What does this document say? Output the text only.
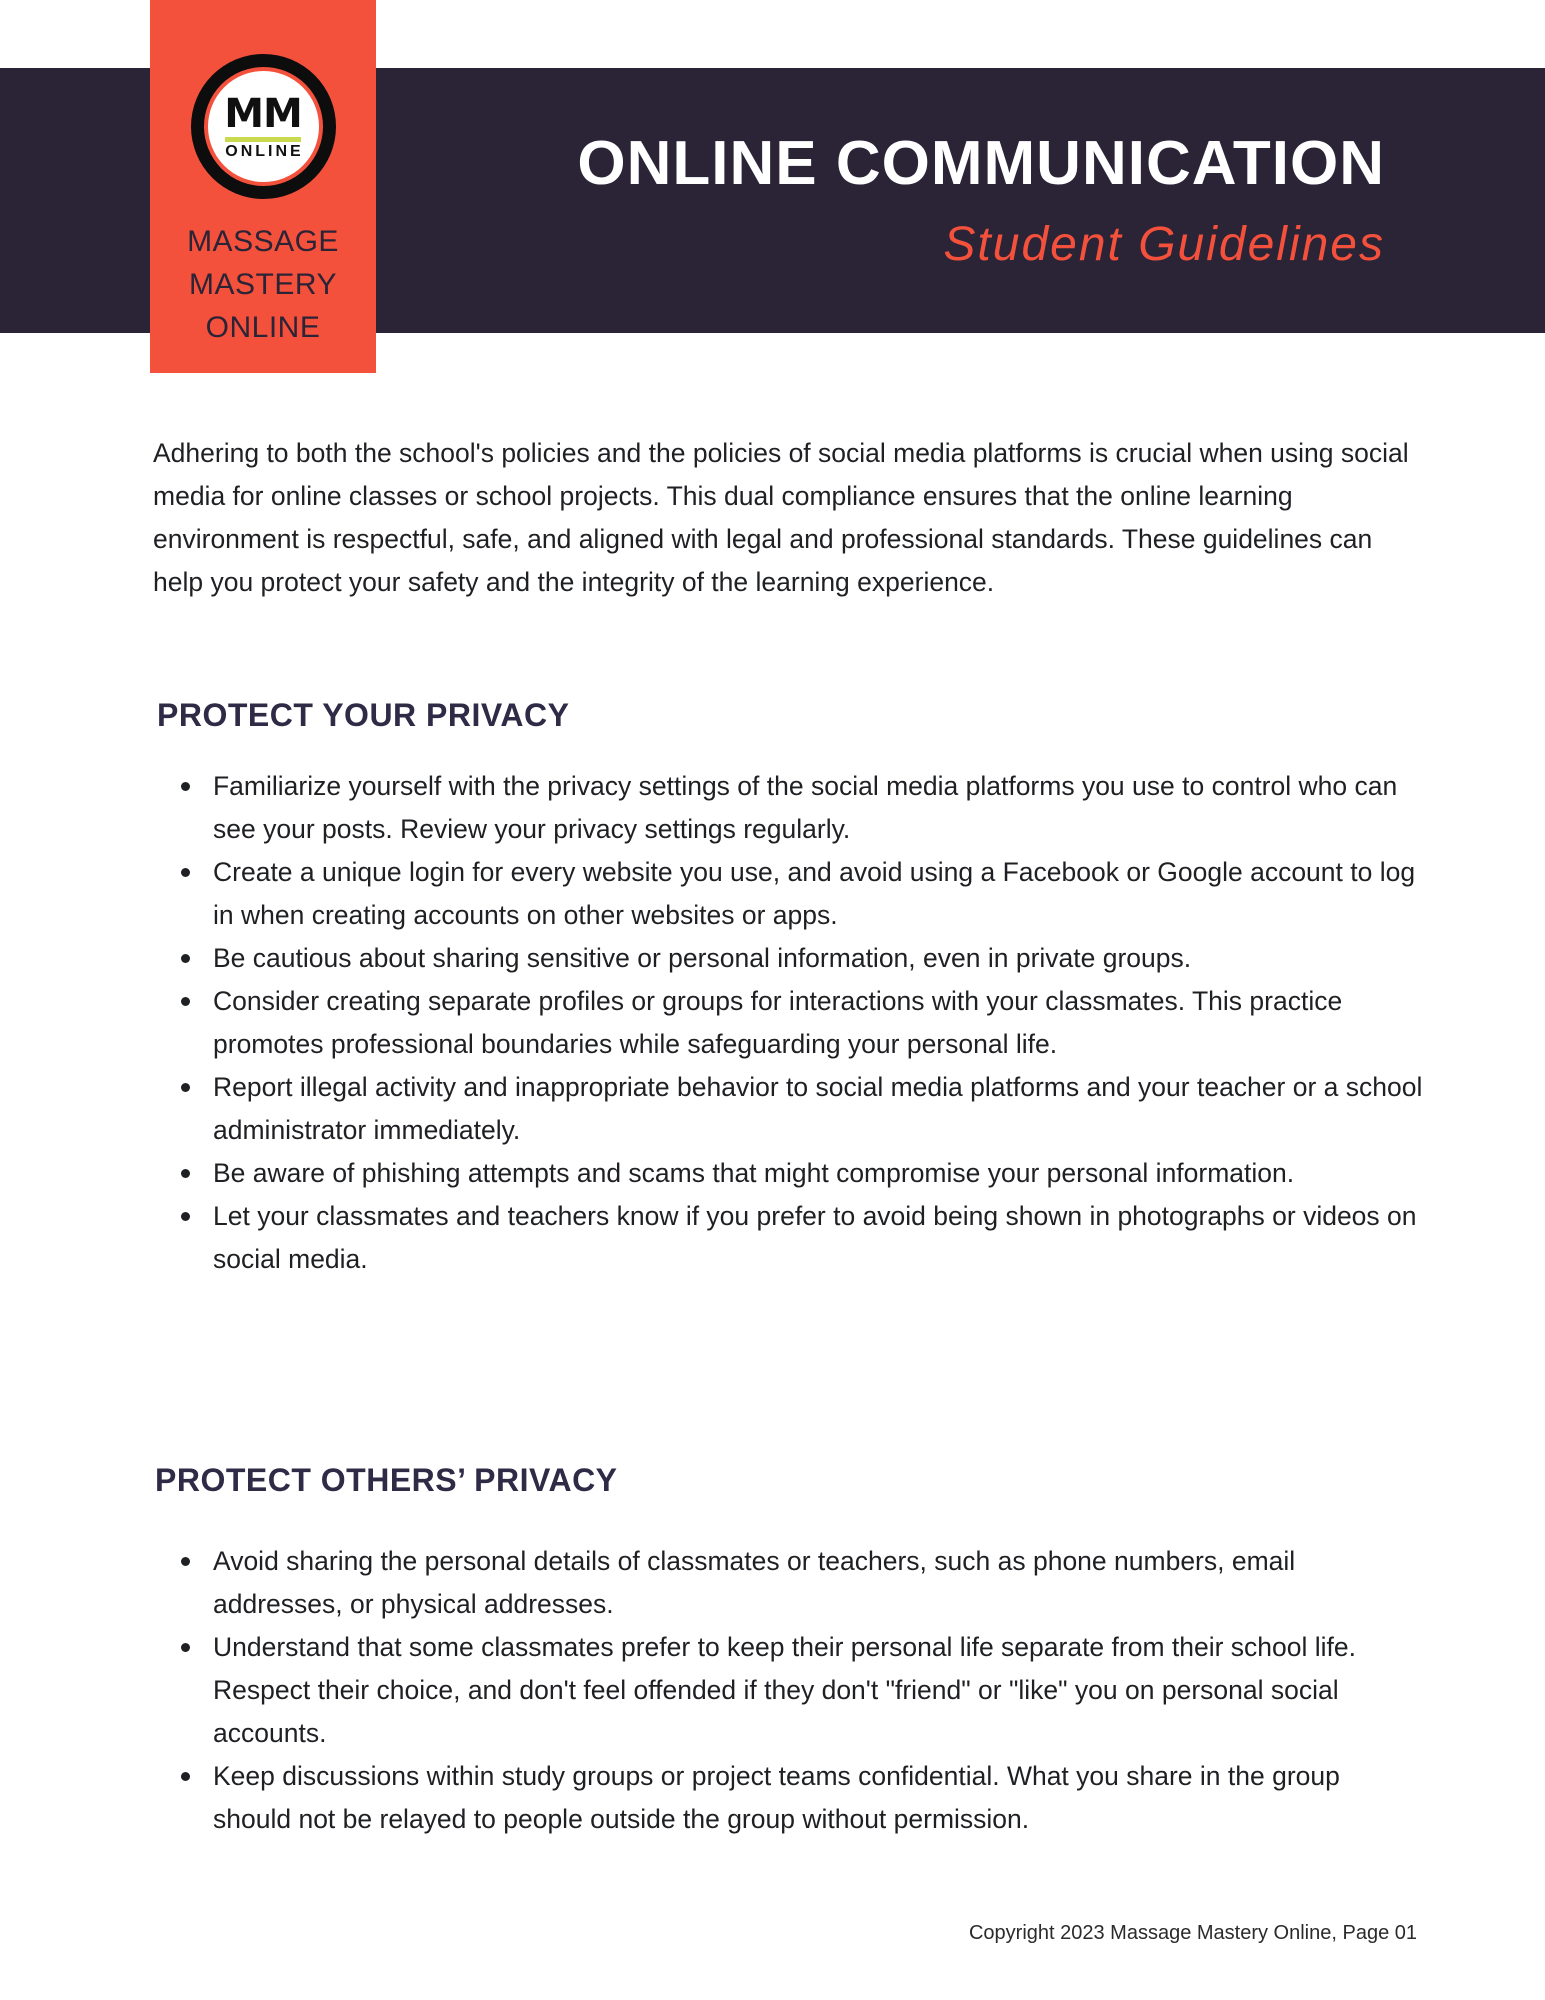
MM
ONLINE
MASSAGE
MASTERY
ONLINE
ONLINE COMMUNICATION
Student Guidelines

Adhering to both the school's policies and the policies of social media platforms is crucial when using social media for online classes or school projects. This dual compliance ensures that the online learning environment is respectful, safe, and aligned with legal and professional standards. These guidelines can help you protect your safety and the integrity of the learning experience.

PROTECT YOUR PRIVACY
Familiarize yourself with the privacy settings of the social media platforms you use to control who can see your posts. Review your privacy settings regularly.
Create a unique login for every website you use, and avoid using a Facebook or Google account to log in when creating accounts on other websites or apps.
Be cautious about sharing sensitive or personal information, even in private groups.
Consider creating separate profiles or groups for interactions with your classmates. This practice promotes professional boundaries while safeguarding your personal life.
Report illegal activity and inappropriate behavior to social media platforms and your teacher or a school administrator immediately.
Be aware of phishing attempts and scams that might compromise your personal information.
Let your classmates and teachers know if you prefer to avoid being shown in photographs or videos on social media.
PROTECT OTHERS’ PRIVACY
Avoid sharing the personal details of classmates or teachers, such as phone numbers, email addresses, or physical addresses.
Understand that some classmates prefer to keep their personal life separate from their school life. Respect their choice, and don't feel offended if they don't "friend" or "like" you on personal social accounts.
Keep discussions within study groups or project teams confidential. What you share in the group should not be relayed to people outside the group without permission.
Copyright 2023 Massage Mastery Online, Page 01
